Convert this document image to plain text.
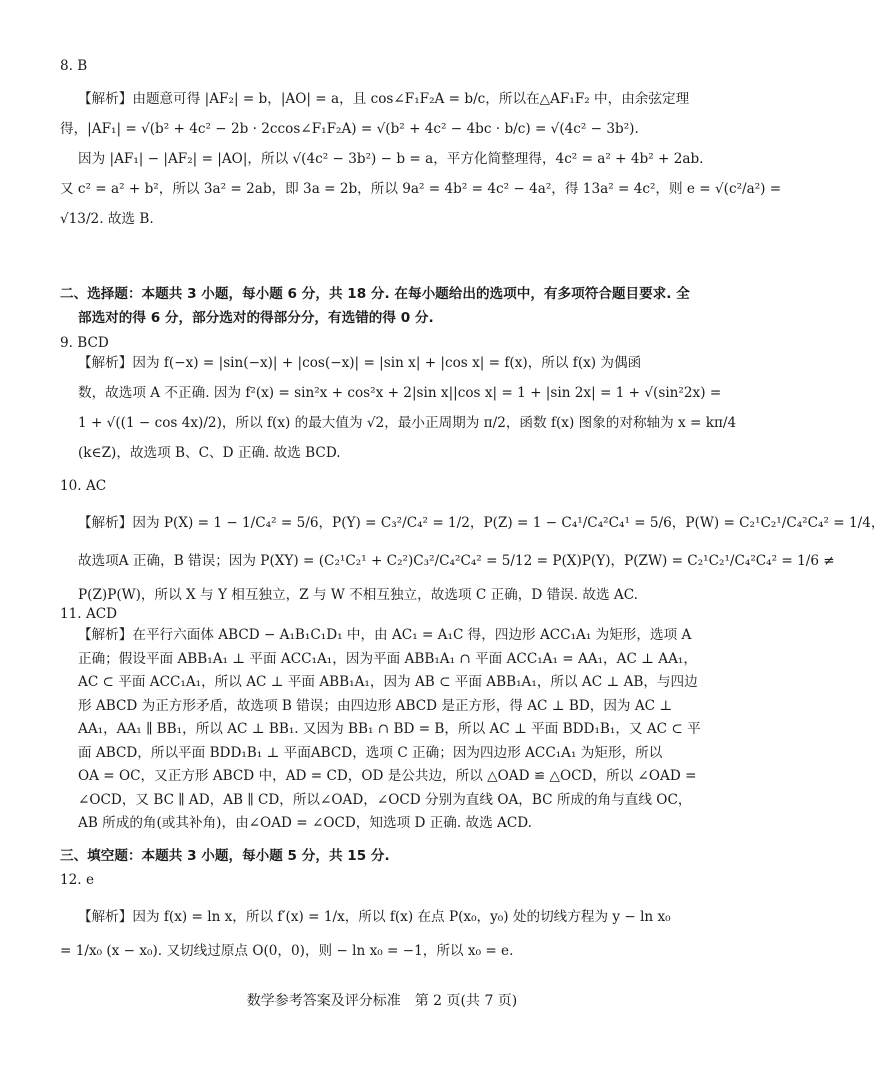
8. B
【解析】由题意可得 |AF₂| = b，|AO| = a，且 cos∠F₁F₂A = b/c，所以在△AF₁F₂ 中，由余弦定理
得，|AF₁| = √(b² + 4c² − 2b · 2ccos∠F₁F₂A) = √(b² + 4c² − 4bc · b/c) = √(4c² − 3b²).
因为 |AF₁| − |AF₂| = |AO|，所以 √(4c² − 3b²) − b = a，平方化简整理得，4c² = a² + 4b² + 2ab.
又 c² = a² + b²，所以 3a² = 2ab，即 3a = 2b，所以 9a² = 4b² = 4c² − 4a²，得 13a² = 4c²，则 e = √(c²/a²) =
√13/2. 故选 B.
二、选择题：本题共 3 小题，每小题 6 分，共 18 分. 在每小题给出的选项中，有多项符合题目要求. 全
部选对的得 6 分，部分选对的得部分分，有选错的得 0 分.
9. BCD
【解析】因为 f(−x) = |sin(−x)| + |cos(−x)| = |sin x| + |cos x| = f(x)，所以 f(x) 为偶函
数，故选项 A 不正确. 因为 f²(x) = sin²x + cos²x + 2|sin x||cos x| = 1 + |sin 2x| = 1 + √(sin²2x) =
1 + √((1 − cos 4x)/2)，所以 f(x) 的最大值为 √2，最小正周期为 π/2，函数 f(x) 图象的对称轴为 x = kπ/4
(k∈Z)，故选项 B、C、D 正确. 故选 BCD.
10. AC
【解析】因为 P(X) = 1 − 1/C₄² = 5/6，P(Y) = C₃²/C₄² = 1/2，P(Z) = 1 − C₄¹/C₄²C₄¹ = 5/6，P(W) = C₂¹C₂¹/C₄²C₄² = 1/4，
故选项A 正确，B 错误；因为 P(XY) = (C₂¹C₂¹ + C₂²)C₃²/C₄²C₄² = 5/12 = P(X)P(Y)，P(ZW) = C₂¹C₂¹/C₄²C₄² = 1/6 ≠
P(Z)P(W)，所以 X 与 Y 相互独立，Z 与 W 不相互独立，故选项 C 正确，D 错误. 故选 AC.
11. ACD
【解析】在平行六面体 ABCD − A₁B₁C₁D₁ 中，由 AC₁ = A₁C 得，四边形 ACC₁A₁ 为矩形，选项 A
正确；假设平面 ABB₁A₁ ⊥ 平面 ACC₁A₁，因为平面 ABB₁A₁ ∩ 平面 ACC₁A₁ = AA₁，AC ⊥ AA₁，
AC ⊂ 平面 ACC₁A₁，所以 AC ⊥ 平面 ABB₁A₁，因为 AB ⊂ 平面 ABB₁A₁，所以 AC ⊥ AB，与四边
形 ABCD 为正方形矛盾，故选项 B 错误；由四边形 ABCD 是正方形，得 AC ⊥ BD，因为 AC ⊥
AA₁，AA₁ ∥ BB₁，所以 AC ⊥ BB₁. 又因为 BB₁ ∩ BD = B，所以 AC ⊥ 平面 BDD₁B₁，又 AC ⊂ 平
面 ABCD，所以平面 BDD₁B₁ ⊥ 平面ABCD，选项 C 正确；因为四边形 ACC₁A₁ 为矩形，所以
OA = OC，又正方形 ABCD 中，AD = CD，OD 是公共边，所以 △OAD ≌ △OCD，所以 ∠OAD =
∠OCD，又 BC ∥ AD，AB ∥ CD，所以∠OAD，∠OCD 分别为直线 OA，BC 所成的角与直线 OC，
AB 所成的角(或其补角)，由∠OAD = ∠OCD，知选项 D 正确. 故选 ACD.
三、填空题：本题共 3 小题，每小题 5 分，共 15 分.
12. e
【解析】因为 f(x) = ln x，所以 f′(x) = 1/x，所以 f(x) 在点 P(x₀，y₀) 处的切线方程为 y − ln x₀
= 1/x₀ (x − x₀). 又切线过原点 O(0，0)，则 − ln x₀ = −1，所以 x₀ = e.
数学参考答案及评分标准　第 2 页(共 7 页)
